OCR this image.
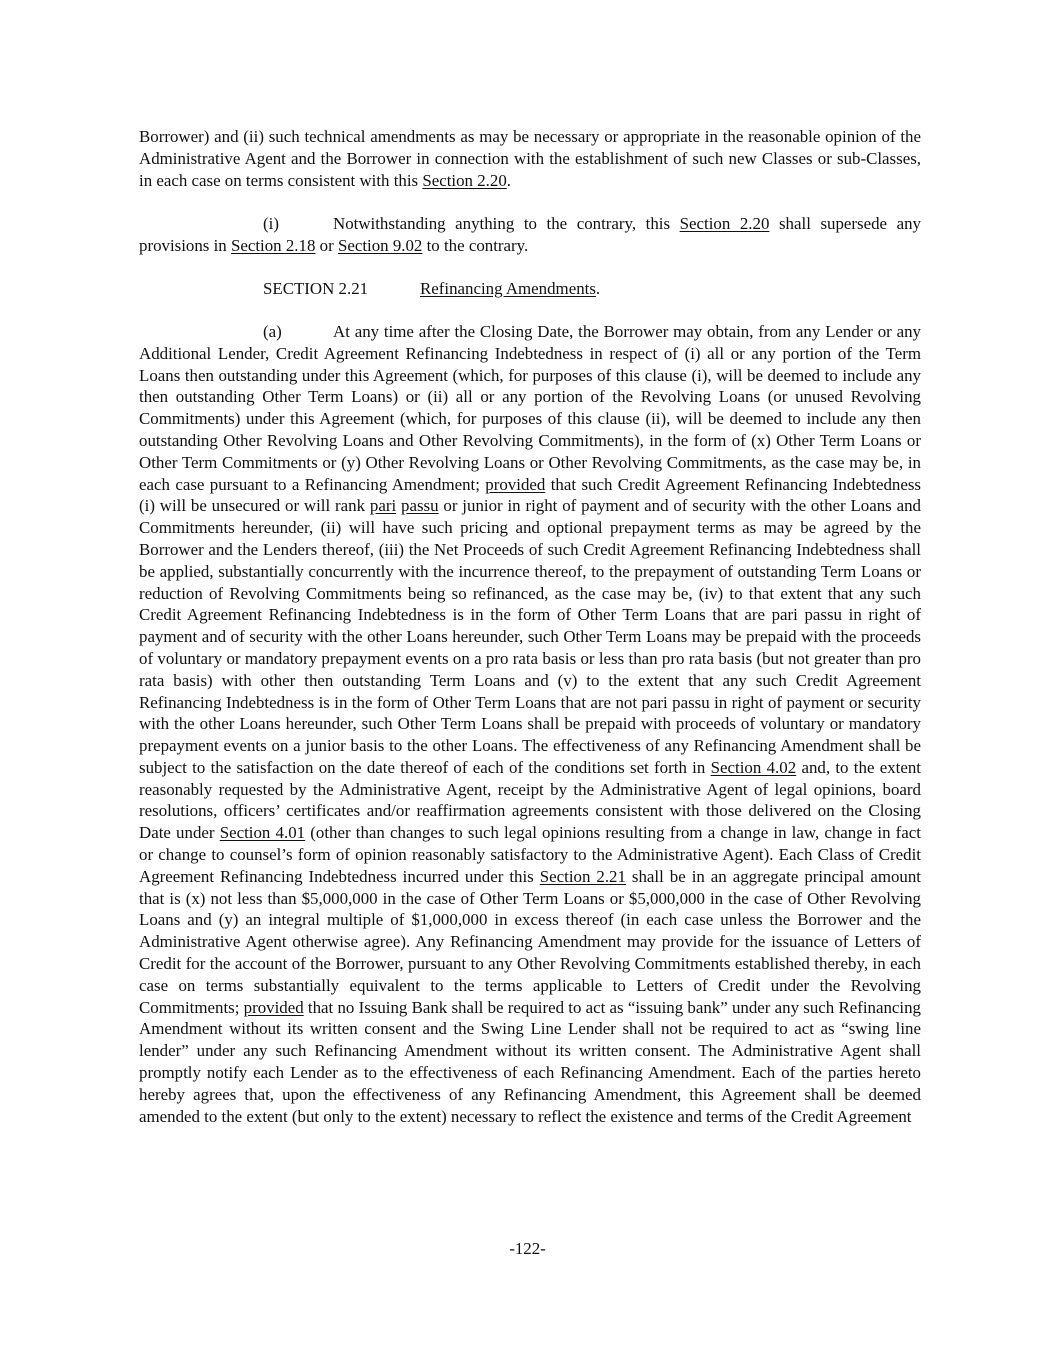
Borrower) and (ii) such technical amendments as may be necessary or appropriate in the reasonable opinion of the Administrative Agent and the Borrower in connection with the establishment of such new Classes or sub-Classes, in each case on terms consistent with this Section 2.20.

(i)	Notwithstanding anything to the contrary, this Section 2.20 shall supersede any provisions in Section 2.18 or Section 9.02 to the contrary.

SECTION 2.21	Refinancing Amendments.

(a)	At any time after the Closing Date, the Borrower may obtain, from any Lender or any Additional Lender, Credit Agreement Refinancing Indebtedness in respect of (i) all or any portion of the Term Loans then outstanding under this Agreement (which, for purposes of this clause (i), will be deemed to include any then outstanding Other Term Loans) or (ii) all or any portion of the Revolving Loans (or unused Revolving Commitments) under this Agreement (which, for purposes of this clause (ii), will be deemed to include any then outstanding Other Revolving Loans and Other Revolving Commitments), in the form of (x) Other Term Loans or Other Term Commitments or (y) Other Revolving Loans or Other Revolving Commitments, as the case may be, in each case pursuant to a Refinancing Amendment; provided that such Credit Agreement Refinancing Indebtedness (i) will be unsecured or will rank pari passu or junior in right of payment and of security with the other Loans and Commitments hereunder, (ii) will have such pricing and optional prepayment terms as may be agreed by the Borrower and the Lenders thereof, (iii) the Net Proceeds of such Credit Agreement Refinancing Indebtedness shall be applied, substantially concurrently with the incurrence thereof, to the prepayment of outstanding Term Loans or reduction of Revolving Commitments being so refinanced, as the case may be, (iv) to that extent that any such Credit Agreement Refinancing Indebtedness is in the form of Other Term Loans that are pari passu in right of payment and of security with the other Loans hereunder, such Other Term Loans may be prepaid with the proceeds of voluntary or mandatory prepayment events on a pro rata basis or less than pro rata basis (but not greater than pro rata basis) with other then outstanding Term Loans and (v) to the extent that any such Credit Agreement Refinancing Indebtedness is in the form of Other Term Loans that are not pari passu in right of payment or security with the other Loans hereunder, such Other Term Loans shall be prepaid with proceeds of voluntary or mandatory prepayment events on a junior basis to the other Loans. The effectiveness of any Refinancing Amendment shall be subject to the satisfaction on the date thereof of each of the conditions set forth in Section 4.02 and, to the extent reasonably requested by the Administrative Agent, receipt by the Administrative Agent of legal opinions, board resolutions, officers’ certificates and/or reaffirmation agreements consistent with those delivered on the Closing Date under Section 4.01 (other than changes to such legal opinions resulting from a change in law, change in fact or change to counsel’s form of opinion reasonably satisfactory to the Administrative Agent). Each Class of Credit Agreement Refinancing Indebtedness incurred under this Section 2.21 shall be in an aggregate principal amount that is (x) not less than $5,000,000 in the case of Other Term Loans or $5,000,000 in the case of Other Revolving Loans and (y) an integral multiple of $1,000,000 in excess thereof (in each case unless the Borrower and the Administrative Agent otherwise agree). Any Refinancing Amendment may provide for the issuance of Letters of Credit for the account of the Borrower, pursuant to any Other Revolving Commitments established thereby, in each case on terms substantially equivalent to the terms applicable to Letters of Credit under the Revolving Commitments; provided that no Issuing Bank shall be required to act as “issuing bank” under any such Refinancing Amendment without its written consent and the Swing Line Lender shall not be required to act as “swing line lender” under any such Refinancing Amendment without its written consent. The Administrative Agent shall promptly notify each Lender as to the effectiveness of each Refinancing Amendment. Each of the parties hereto hereby agrees that, upon the effectiveness of any Refinancing Amendment, this Agreement shall be deemed amended to the extent (but only to the extent) necessary to reflect the existence and terms of the Credit Agreement

-122-
